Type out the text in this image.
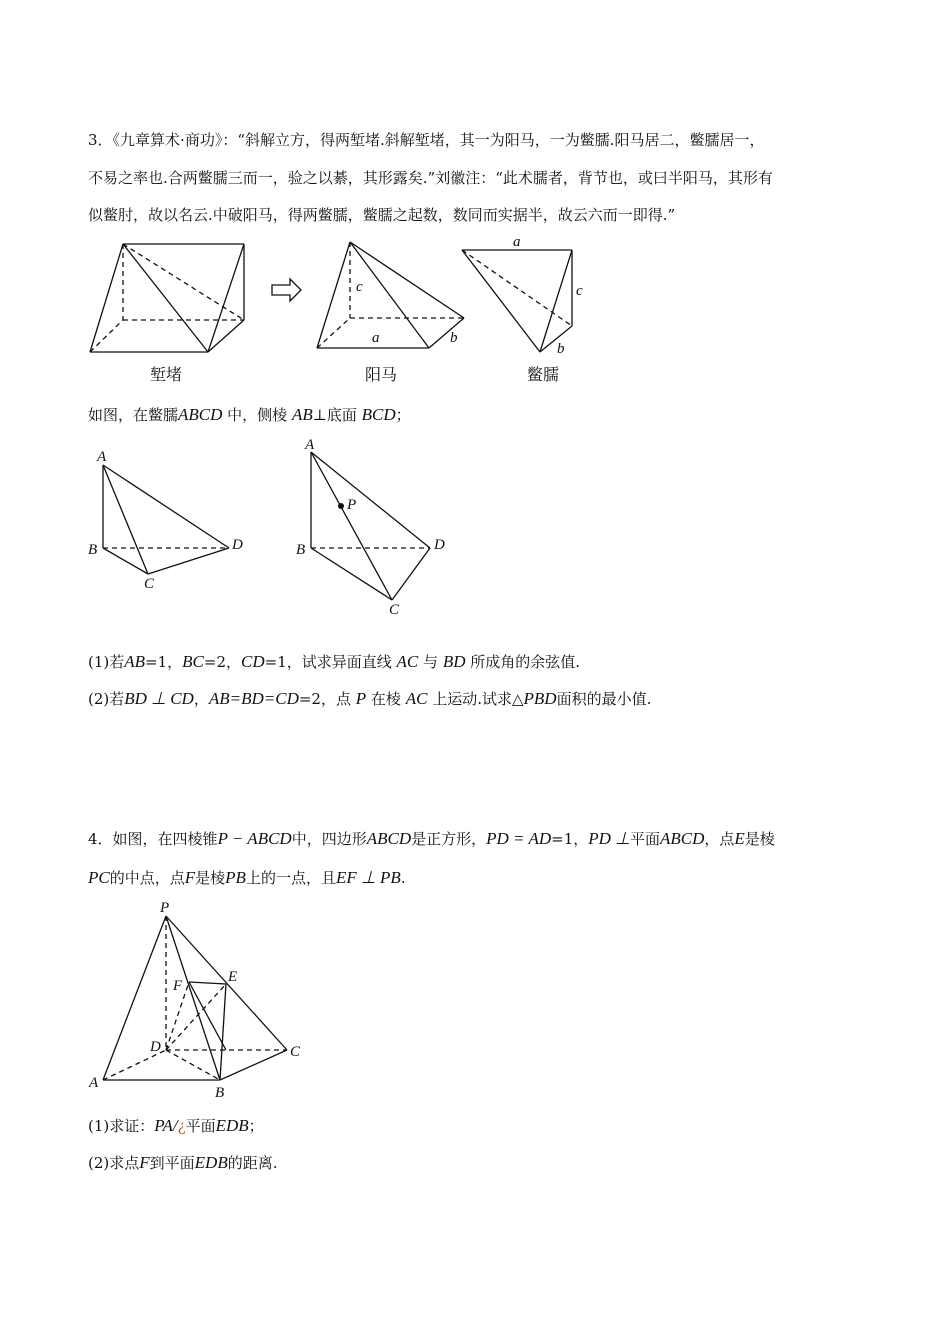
3．《九章算术·商功》：“斜解立方，得两堑堵.斜解堑堵，其一为阳马，一为鳖臑.阳马居二，鳖臑居一，
不易之率也.合两鳖臑三而一，验之以綦，其形露矣.”刘徽注：“此术臑者，背节也，或曰半阳马，其形有
似鳖肘，故以名云.中破阳马，得两鳖臑，鳖臑之起数，数同而实据半，故云六而一即得.”
c
a	b
a
c
b
堑堵	阳马	鳖臑
如图，在鳖臑ABCD 中，侧棱 AB⊥底面 BCD；
A
B
C
D
A
P
B
C
D
(1)若AB=1，BC=2，CD=1，试求异面直线 AC 与 BD 所成角的余弦值.
(2)若BD ⊥ CD，AB=BD=CD=2，点 P 在棱 AC 上运动.试求△PBD面积的最小值.
4．如图，在四棱锥P − ABCD中，四边形ABCD是正方形，PD = AD=1，PD ⊥平面ABCD，点E是棱
PC的中点，点F是棱PB上的一点，且EF ⊥ PB.
P
F
E
D	C
A
B
(1)求证：PA/¿平面EDB；
(2)求点F到平面EDB的距离.
